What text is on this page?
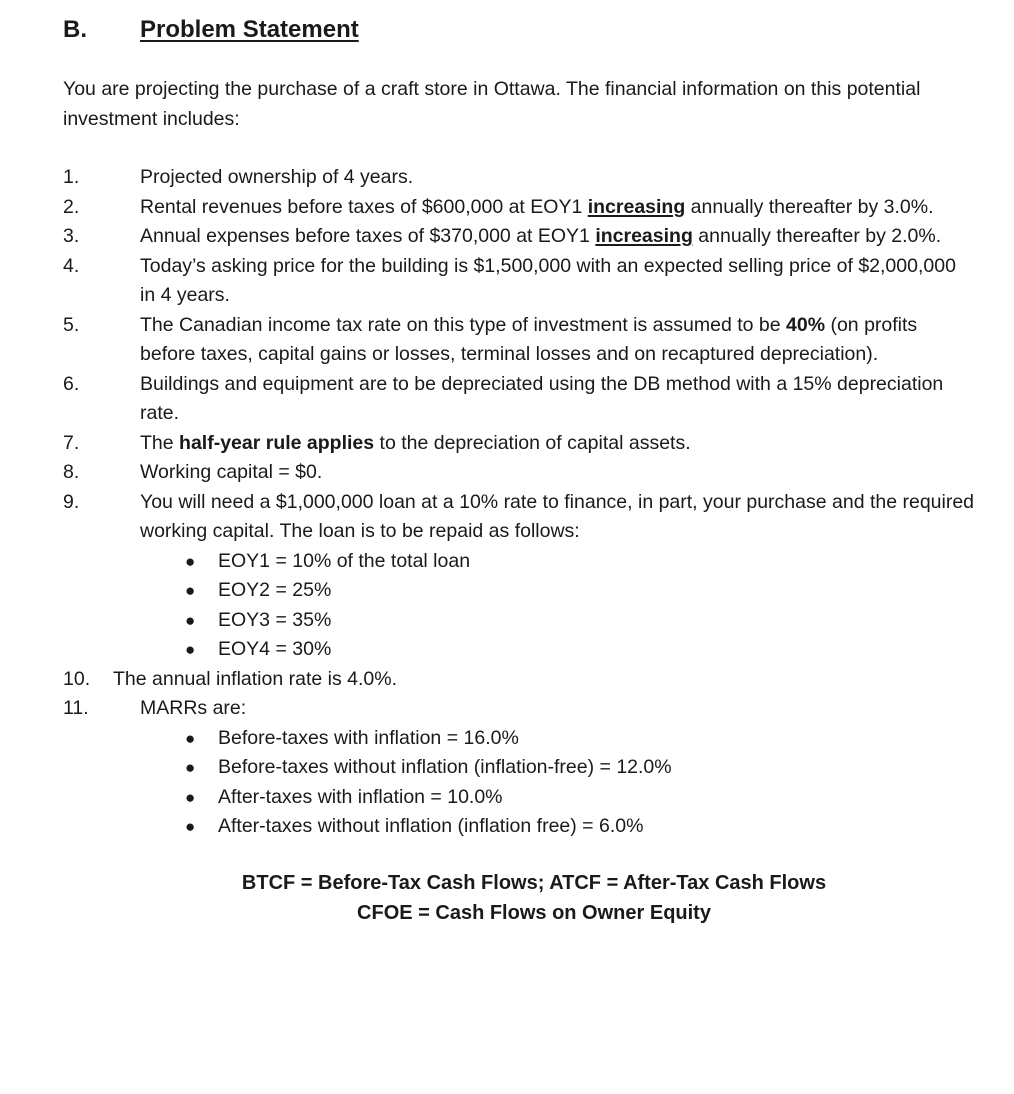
B.	Problem Statement
You are projecting the purchase of a craft store in Ottawa. The financial information on this potential investment includes:
1.	Projected ownership of 4 years.
2.	Rental revenues before taxes of $600,000 at EOY1 increasing annually thereafter by 3.0%.
3.	Annual expenses before taxes of $370,000 at EOY1 increasing annually thereafter by 2.0%.
4.	Today’s asking price for the building is $1,500,000 with an expected selling price of $2,000,000 in 4 years.
5.	The Canadian income tax rate on this type of investment is assumed to be 40% (on profits before taxes, capital gains or losses, terminal losses and on recaptured depreciation).
6.	Buildings and equipment are to be depreciated using the DB method with a 15% depreciation rate.
7.	The half-year rule applies to the depreciation of capital assets.
8.	Working capital = $0.
9.	You will need a $1,000,000 loan at a 10% rate to finance, in part, your purchase and the required working capital. The loan is to be repaid as follows:
●	EOY1 = 10% of the total loan
●	EOY2 = 25%
●	EOY3 = 35%
●	EOY4 = 30%
10.	The annual inflation rate is 4.0%.
11.	MARRs are:
●	Before-taxes with inflation = 16.0%
●	Before-taxes without inflation (inflation-free) = 12.0%
●	After-taxes with inflation = 10.0%
●	After-taxes without inflation (inflation free) = 6.0%
BTCF = Before-Tax Cash Flows; ATCF = After-Tax Cash Flows
CFOE = Cash Flows on Owner Equity
